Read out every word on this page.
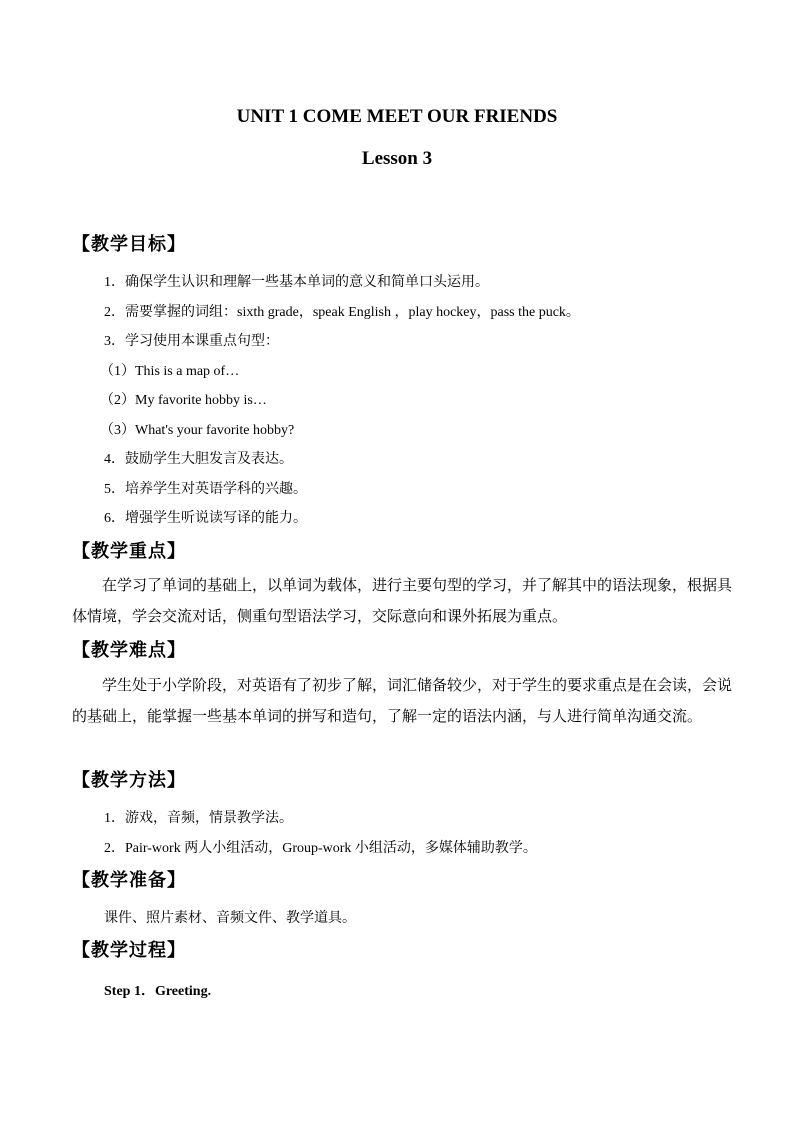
UNIT 1 COME MEET OUR FRIENDS
Lesson 3
【教学目标】
1．确保学生认识和理解一些基本单词的意义和简单口头运用。
2．需要掌握的词组：sixth grade，speak English ，play hockey，pass the puck。
3．学习使用本课重点句型：
（1）This is a map of…
（2）My favorite hobby is…
（3）What's your favorite hobby?
4．鼓励学生大胆发言及表达。
5．培养学生对英语学科的兴趣。
6．增强学生听说读写译的能力。
【教学重点】
在学习了单词的基础上，以单词为载体，进行主要句型的学习，并了解其中的语法现象，根据具体情境，学会交流对话，侧重句型语法学习，交际意向和课外拓展为重点。
【教学难点】
学生处于小学阶段，对英语有了初步了解，词汇储备较少，对于学生的要求重点是在会读，会说的基础上，能掌握一些基本单词的拼写和造句，了解一定的语法内涵，与人进行简单沟通交流。
【教学方法】
1．游戏，音频，情景教学法。
2．Pair-work 两人小组活动，Group-work 小组活动，多媒体辅助教学。
【教学准备】
课件、照片素材、音频文件、教学道具。
【教学过程】
Step 1．Greeting.
